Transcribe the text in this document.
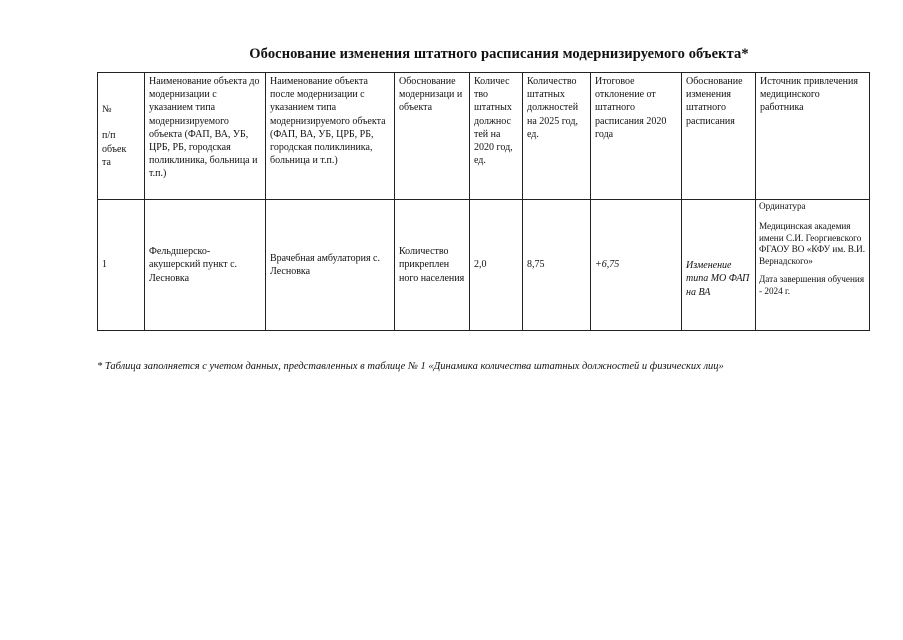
Обоснование изменения штатного расписания модернизируемого объекта*
№

п/п
объек
та	Наименование объекта до модернизации с указанием типа модернизируемого объекта (ФАП, ВА, УБ, ЦРБ, РБ, городская поликлиника, больница и т.п.)	Наименование объекта после модернизации с указанием типа модернизируемого объекта (ФАП, ВА, УБ, ЦРБ, РБ, городская поликлиника, больница и т.п.)	Обоснование модернизаци и объекта	Количес тво штатных должнос тей на 2020 год, ед.	Количество штатных должностей на 2025 год, ед.	Итоговое отклонение от штатного расписания 2020 года	Обоснование изменения штатного расписания	Источник привлечения медицинского работника
1	Фельдшерско-акушерский пункт с. Лесновка	Врачебная амбулатория с. Лесновка	Количество прикреплен ного населения	2,0	8,75	+6,75	Изменение типа МО ФАП на ВА	Ординатура
Медицинская академия имени С.И. Георгиевского ФГАОУ ВО «КФУ им. В.И. Вернадского»
Дата завершения обучения - 2024 г.
* Таблица заполняется с учетом данных, представленных в таблице № 1 «Динамика количества штатных должностей и физических лиц»
